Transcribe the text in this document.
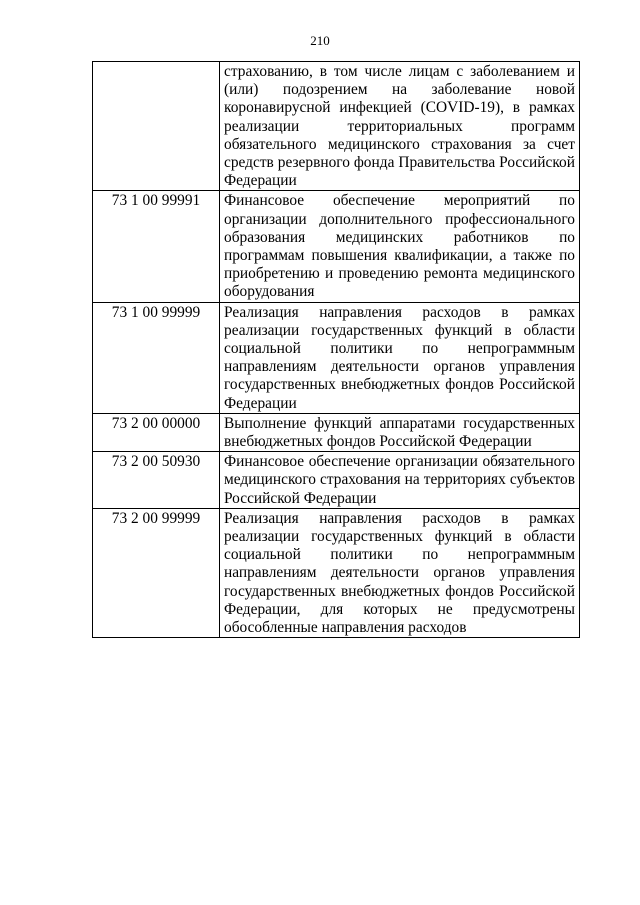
210
	страхованию, в том числе лицам с заболеванием и (или) подозрением на заболевание новой коронавирусной инфекцией (COVID-19), в рамках реализации территориальных программ обязательного медицинского страхования за счет средств резервного фонда Правительства Российской Федерации
73 1 00 99991	Финансовое обеспечение мероприятий по организации дополнительного профессионального образования медицинских работников по программам повышения квалификации, а также по приобретению и проведению ремонта медицинского оборудования
73 1 00 99999	Реализация направления расходов в рамках реализации государственных функций в области социальной политики по непрограммным направлениям деятельности органов управления государственных внебюджетных фондов Российской Федерации
73 2 00 00000	Выполнение функций аппаратами государственных внебюджетных фондов Российской Федерации
73 2 00 50930	Финансовое обеспечение организации обязательного медицинского страхования на территориях субъектов Российской Федерации
73 2 00 99999	Реализация направления расходов в рамках реализации государственных функций в области социальной политики по непрограммным направлениям деятельности органов управления государственных внебюджетных фондов Российской Федерации, для которых не предусмотрены обособленные направления расходов
